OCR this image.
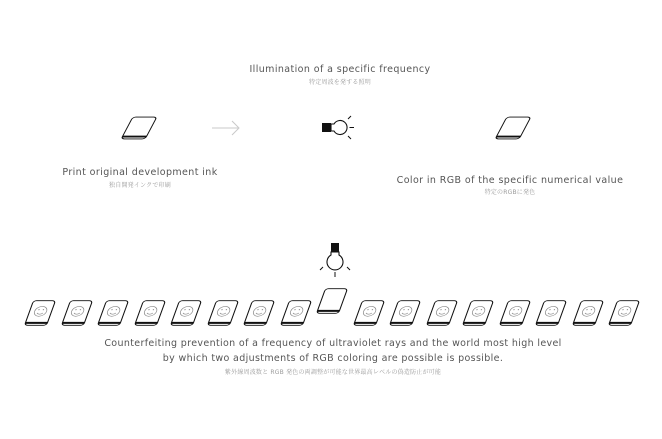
Illumination of a specific frequency
特定周波を発する照明
Print original development ink
独自開発インクで印刷	Color in RGB of the specific numerical value
特定のRGBに発色
Counterfeiting prevention of a frequency of ultraviolet rays and the world most high level
by which two adjustments of RGB coloring are possible is possible.
紫外線周波数と RGB 発色の両調整が可能な世界最高レベルの偽造防止が可能
